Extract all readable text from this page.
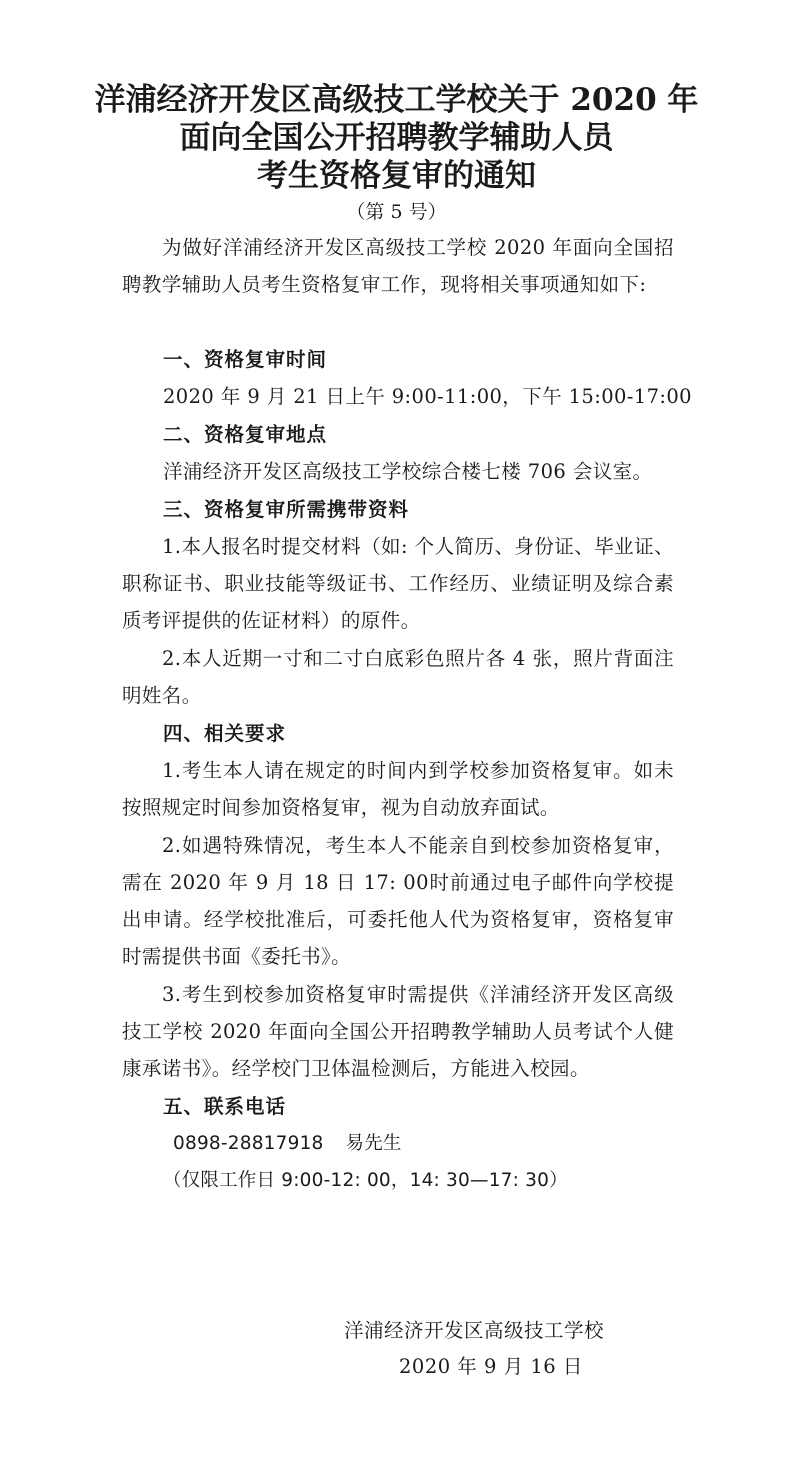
洋浦经济开发区高级技工学校关于 2020 年
面向全国公开招聘教学辅助人员
考生资格复审的通知
（第 5 号）

为做好洋浦经济开发区高级技工学校 2020 年面向全国招聘教学辅助人员考生资格复审工作，现将相关事项通知如下:

一、资格复审时间
2020 年 9 月 21 日上午 9:00-11:00，下午 15:00-17:00
二、资格复审地点
洋浦经济开发区高级技工学校综合楼七楼 706 会议室。
三、资格复审所需携带资料

1.本人报名时提交材料（如: 个人简历、身份证、毕业证、职称证书、职业技能等级证书、工作经历、业绩证明及综合素质考评提供的佐证材料）的原件。

2.本人近期一寸和二寸白底彩色照片各 4 张，照片背面注明姓名。

四、相关要求

1.考生本人请在规定的时间内到学校参加资格复审。如未按照规定时间参加资格复审，视为自动放弃面试。

2.如遇特殊情况，考生本人不能亲自到校参加资格复审，需在 2020 年 9 月 18 日 17: 00时前通过电子邮件向学校提出申请。经学校批准后，可委托他人代为资格复审，资格复审时需提供书面《委托书》。

3.考生到校参加资格复审时需提供《洋浦经济开发区高级技工学校 2020 年面向全国公开招聘教学辅助人员考试个人健康承诺书》。经学校门卫体温检测后，方能进入校园。

五、联系电话
0898-28817918 易先生
（仅限工作日 9:00-12: 00，14: 30—17: 30）
洋浦经济开发区高级技工学校
2020 年 9 月 16 日
